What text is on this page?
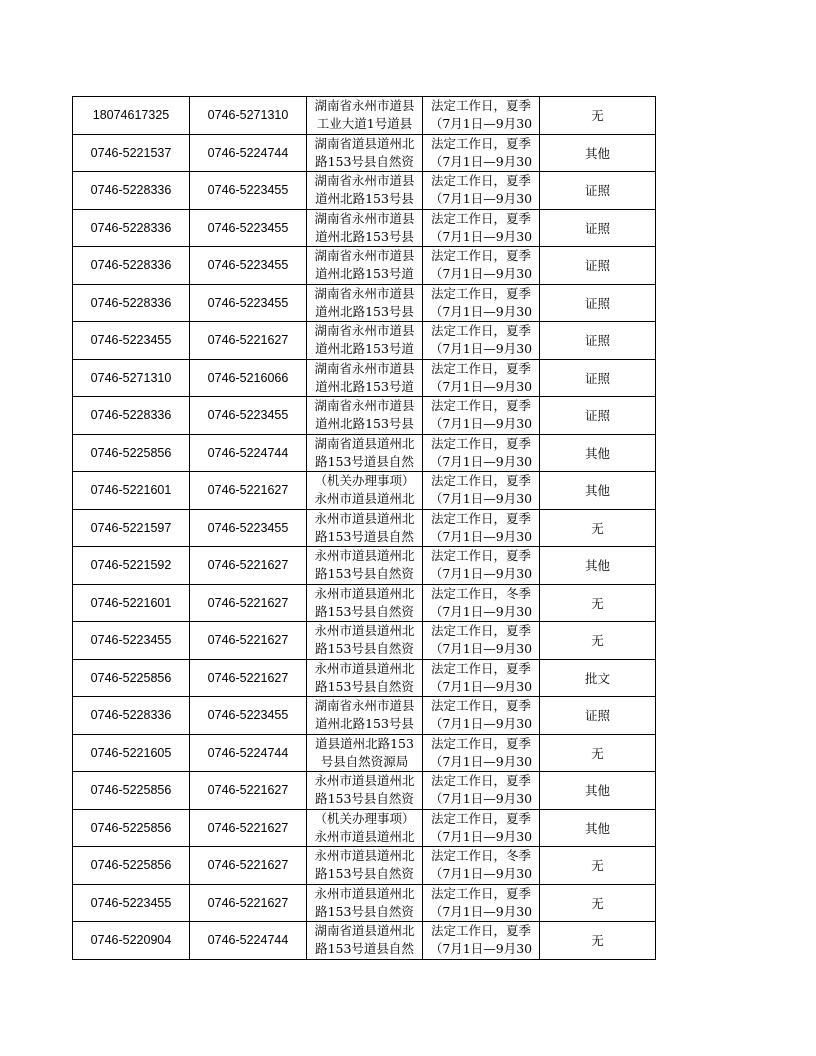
18074617325	0746-5271310	湖南省永州市道县
工业大道1号道县	法定工作日，夏季
（7月1日—9月30	无
0746-5221537	0746-5224744	湖南省道县道州北
路153号县自然资	法定工作日，夏季
（7月1日—9月30	其他
0746-5228336	0746-5223455	湖南省永州市道县
道州北路153号县	法定工作日，夏季
（7月1日—9月30	证照
0746-5228336	0746-5223455	湖南省永州市道县
道州北路153号县	法定工作日，夏季
（7月1日—9月30	证照
0746-5228336	0746-5223455	湖南省永州市道县
道州北路153号道	法定工作日，夏季
（7月1日—9月30	证照
0746-5228336	0746-5223455	湖南省永州市道县
道州北路153号县	法定工作日，夏季
（7月1日—9月30	证照
0746-5223455	0746-5221627	湖南省永州市道县
道州北路153号道	法定工作日，夏季
（7月1日—9月30	证照
0746-5271310	0746-5216066	湖南省永州市道县
道州北路153号道	法定工作日，夏季
（7月1日—9月30	证照
0746-5228336	0746-5223455	湖南省永州市道县
道州北路153号县	法定工作日，夏季
（7月1日—9月30	证照
0746-5225856	0746-5224744	湖南省道县道州北
路153号道县自然	法定工作日，夏季
（7月1日—9月30	其他
0746-5221601	0746-5221627	（机关办理事项）
永州市道县道州北	法定工作日，夏季
（7月1日—9月30	其他
0746-5221597	0746-5223455	永州市道县道州北
路153号道县自然	法定工作日，夏季
（7月1日—9月30	无
0746-5221592	0746-5221627	永州市道县道州北
路153号县自然资	法定工作日，夏季
（7月1日—9月30	其他
0746-5221601	0746-5221627	永州市道县道州北
路153号县自然资	法定工作日，冬季
（7月1日—9月30	无
0746-5223455	0746-5221627	永州市道县道州北
路153号县自然资	法定工作日，夏季
（7月1日—9月30	无
0746-5225856	0746-5221627	永州市道县道州北
路153号县自然资	法定工作日，夏季
（7月1日—9月30	批文
0746-5228336	0746-5223455	湖南省永州市道县
道州北路153号县	法定工作日，夏季
（7月1日—9月30	证照
0746-5221605	0746-5224744	道县道州北路153
号县自然资源局	法定工作日，夏季
（7月1日—9月30	无
0746-5225856	0746-5221627	永州市道县道州北
路153号县自然资	法定工作日，夏季
（7月1日—9月30	其他
0746-5225856	0746-5221627	（机关办理事项）
永州市道县道州北	法定工作日，夏季
（7月1日—9月30	其他
0746-5225856	0746-5221627	永州市道县道州北
路153号县自然资	法定工作日，冬季
（7月1日—9月30	无
0746-5223455	0746-5221627	永州市道县道州北
路153号县自然资	法定工作日，夏季
（7月1日—9月30	无
0746-5220904	0746-5224744	湖南省道县道州北
路153号道县自然	法定工作日，夏季
（7月1日—9月30	无
